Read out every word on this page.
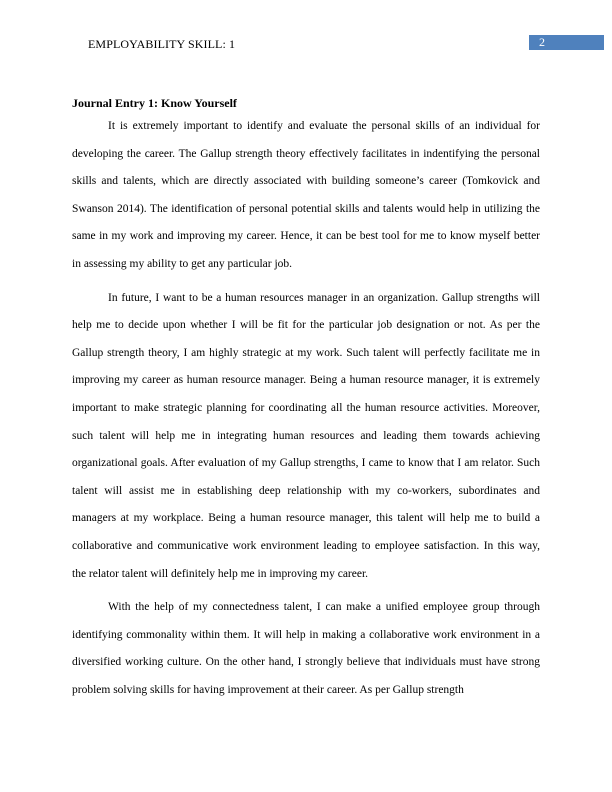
EMPLOYABILITY SKILL: 1	2
Journal Entry 1: Know Yourself

It is extremely important to identify and evaluate the personal skills of an individual for developing the career. The Gallup strength theory effectively facilitates in indentifying the personal skills and talents, which are directly associated with building someone’s career (Tomkovick and Swanson 2014). The identification of personal potential skills and talents would help in utilizing the same in my work and improving my career. Hence, it can be best tool for me to know myself better in assessing my ability to get any particular job.

In future, I want to be a human resources manager in an organization. Gallup strengths will help me to decide upon whether I will be fit for the particular job designation or not. As per the Gallup strength theory, I am highly strategic at my work. Such talent will perfectly facilitate me in improving my career as human resource manager. Being a human resource manager, it is extremely important to make strategic planning for coordinating all the human resource activities. Moreover, such talent will help me in integrating human resources and leading them towards achieving organizational goals. After evaluation of my Gallup strengths, I came to know that I am relator. Such talent will assist me in establishing deep relationship with my co-workers, subordinates and managers at my workplace. Being a human resource manager, this talent will help me to build a collaborative and communicative work environment leading to employee satisfaction. In this way, the relator talent will definitely help me in improving my career.

With the help of my connectedness talent, I can make a unified employee group through identifying commonality within them. It will help in making a collaborative work environment in a diversified working culture. On the other hand, I strongly believe that individuals must have strong problem solving skills for having improvement at their career. As per Gallup strength
